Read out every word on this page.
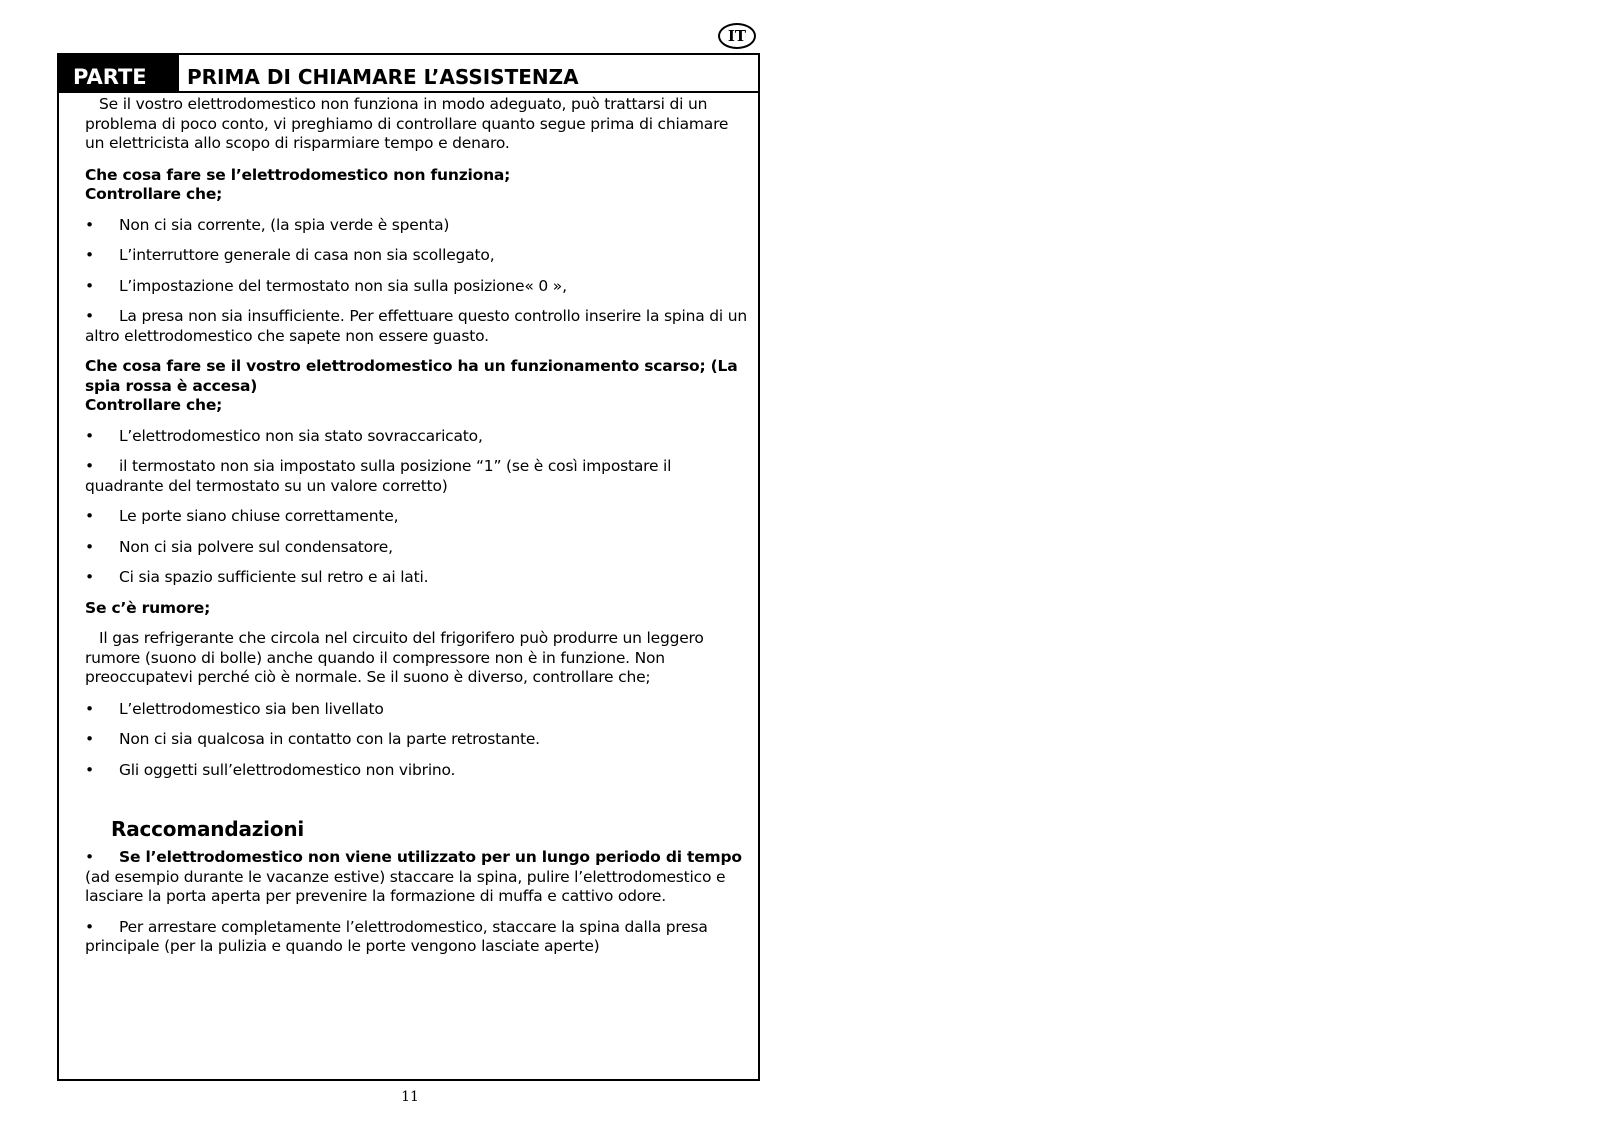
IT
PARTE	PRIMA DI CHIAMARE L’ASSISTENZA

Se il vostro elettrodomestico non funziona in modo adeguato, può trattarsi di un problema di poco conto, vi preghiamo di controllare quanto segue prima di chiamare un elettricista allo scopo di risparmiare tempo e denaro.

Che cosa fare se l’elettrodomestico non funziona;

Controllare che;

• Non ci sia corrente, (la spia verde è spenta)

• L’interruttore generale di casa non sia scollegato,

• L’impostazione del termostato non sia sulla posizione« 0 »,

• La presa non sia insufficiente. Per effettuare questo controllo inserire la spina di un altro elettrodomestico che sapete non essere guasto.

Che cosa fare se il vostro elettrodomestico ha un funzionamento scarso; (La spia rossa è accesa)

Controllare che;

• L’elettrodomestico non sia stato sovraccaricato,

• il termostato non sia impostato sulla posizione “1” (se è così impostare il quadrante del termostato su un valore corretto)

• Le porte siano chiuse correttamente,

• Non ci sia polvere sul condensatore,

• Ci sia spazio sufficiente sul retro e ai lati.

Se c’è rumore;

Il gas refrigerante che circola nel circuito del frigorifero può produrre un leggero rumore (suono di bolle) anche quando il compressore non è in funzione. Non preoccupatevi perché ciò è normale. Se il suono è diverso, controllare che;

• L’elettrodomestico sia ben livellato

• Non ci sia qualcosa in contatto con la parte retrostante.

• Gli oggetti sull’elettrodomestico non vibrino.

Raccomandazioni

• Se l’elettrodomestico non viene utilizzato per un lungo periodo di tempo (ad esempio durante le vacanze estive) staccare la spina, pulire l’elettrodomestico e lasciare la porta aperta per prevenire la formazione di muffa e cattivo odore.

• Per arrestare completamente l’elettrodomestico, staccare la spina dalla presa principale (per la pulizia e quando le porte vengono lasciate aperte)

11
